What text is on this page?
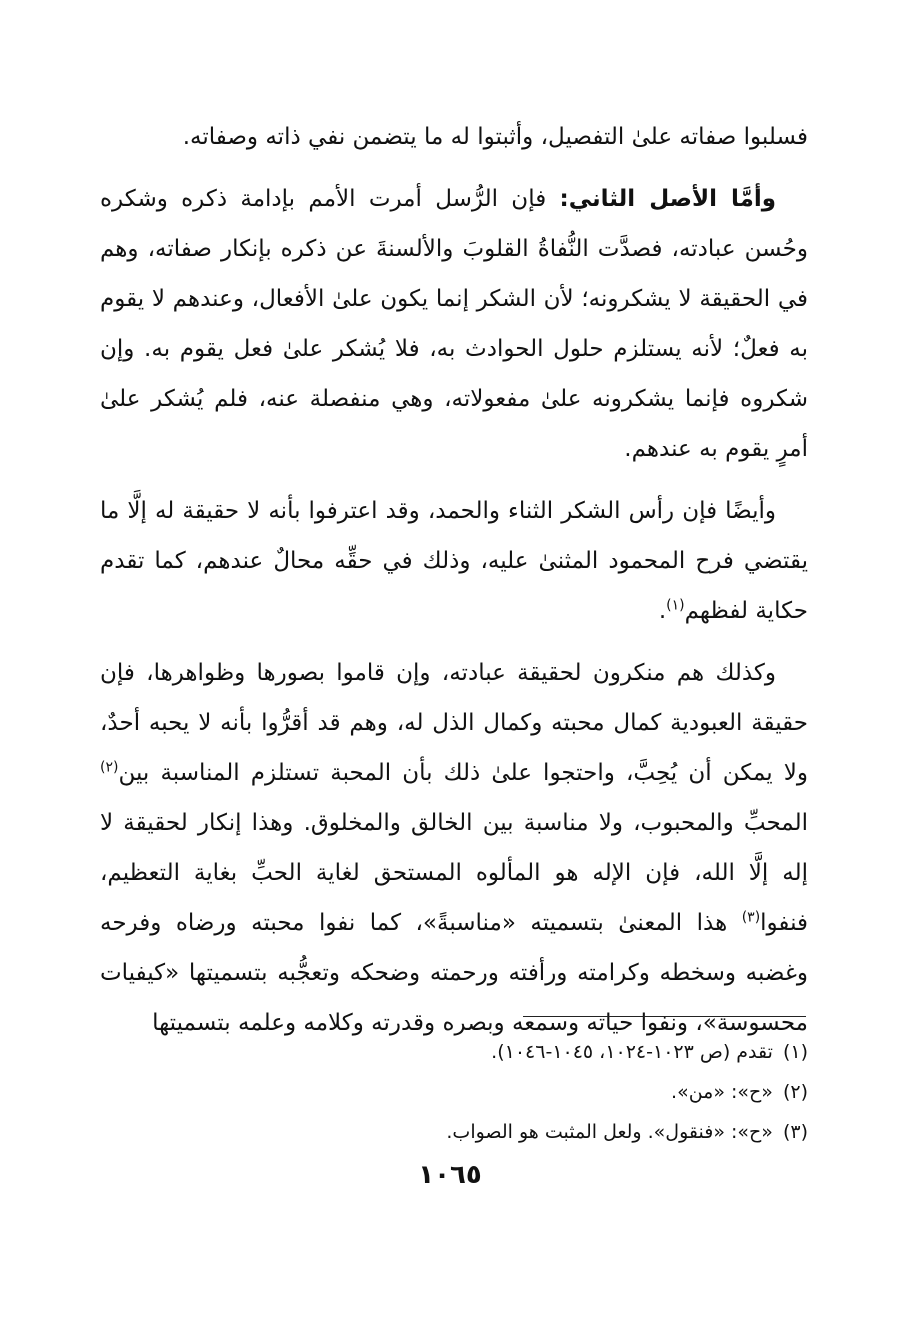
فسلبوا صفاته علىٰ التفصيل، وأثبتوا له ما يتضمن نفي ذاته وصفاته.

وأمَّا الأصل الثاني: فإن الرُّسل أمرت الأمم بإدامة ذكره وشكره وحُسن عبادته، فصدَّت النُّفاةُ القلوبَ والألسنةَ عن ذكره بإنكار صفاته، وهم في الحقيقة لا يشكرونه؛ لأن الشكر إنما يكون علىٰ الأفعال، وعندهم لا يقوم به فعلٌ؛ لأنه يستلزم حلول الحوادث به، فلا يُشكر علىٰ فعل يقوم به. وإن شكروه فإنما يشكرونه علىٰ مفعولاته، وهي منفصلة عنه، فلم يُشكر علىٰ أمرٍ يقوم به عندهم.

وأيضًا فإن رأس الشكر الثناء والحمد، وقد اعترفوا بأنه لا حقيقة له إلَّا ما يقتضي فرح المحمود المثنىٰ عليه، وذلك في حقِّه محالٌ عندهم، كما تقدم حكاية لفظهم$^{(١)}$.

وكذلك هم منكرون لحقيقة عبادته، وإن قاموا بصورها وظواهرها، فإن حقيقة العبودية كمال محبته وكمال الذل له، وهم قد أقرُّوا بأنه لا يحبه أحدٌ، ولا يمكن أن يُحِبَّ، واحتجوا علىٰ ذلك بأن المحبة تستلزم المناسبة بين$^{(٢)}$ المحبِّ والمحبوب، ولا مناسبة بين الخالق والمخلوق. وهذا إنكار لحقيقة لا إله إلَّا الله، فإن الإله هو المألوه المستحق لغاية الحبِّ بغاية التعظيم، فنفوا$^{(٣)}$ هذا المعنىٰ بتسميته «مناسبةً»، كما نفوا محبته ورضاه وفرحه وغضبه وسخطه وكرامته ورأفته ورحمته وضحكه وتعجُّبه بتسميتها «كيفيات محسوسة»، ونفوا حياته وسمعه وبصره وقدرته وكلامه وعلمه بتسميتها

(١)تقدم (ص ١٠٢٣-١٠٢٤، ١٠٤٥-١٠٤٦).

(٢)«ح»: «من».

(٣)«ح»: «فنقول». ولعل المثبت هو الصواب.

١٠٦٥
